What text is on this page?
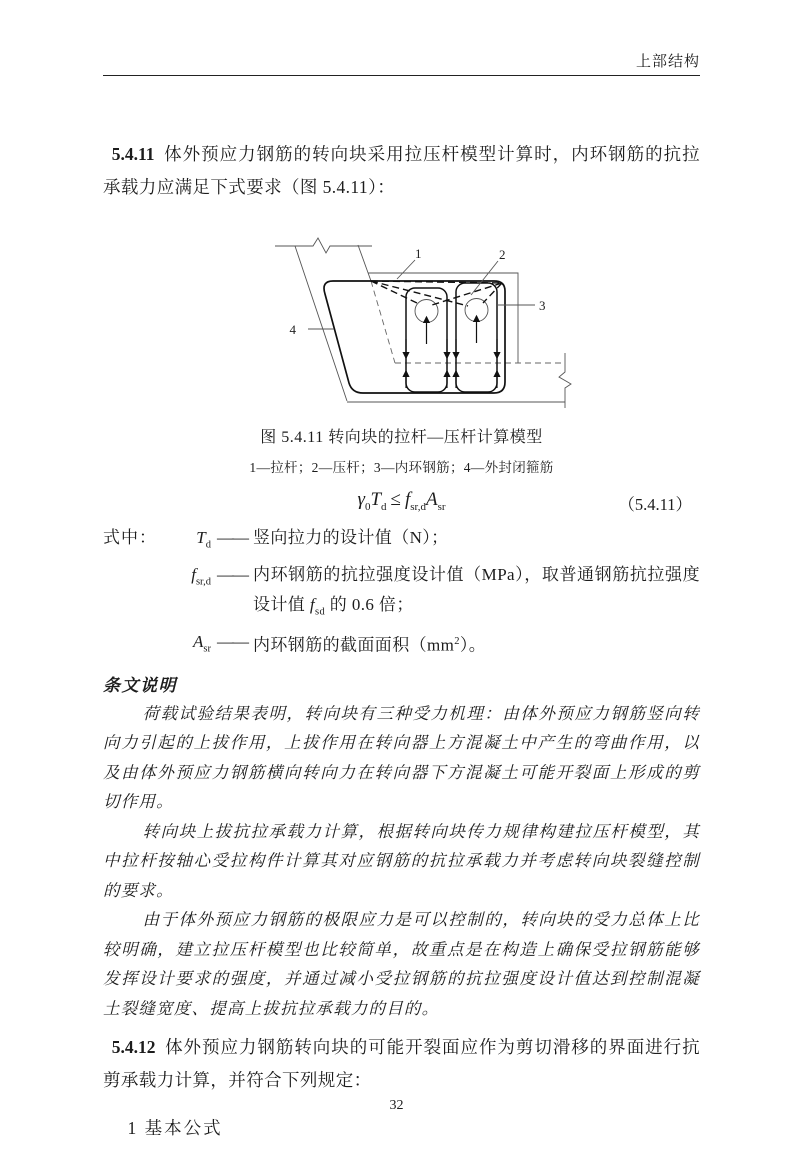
上部结构

5.4.11 体外预应力钢筋的转向块采用拉压杆模型计算时，内环钢筋的抗拉承载力应满足下式要求（图 5.4.11）：

1	2
3
4
图 5.4.11 转向块的拉杆—压杆计算模型
1—拉杆；2—压杆；3—内环钢筋；4—外封闭箍筋
$\gamma_0T_d \le f_{sr,d}A_{sr}$	（5.4.11）
式中：	$T_d$ —— 竖向拉力的设计值（N）；
$f_{sr,d}$ —— 内环钢筋的抗拉强度设计值（MPa），取普通钢筋抗拉强度设计值 $f_{sd}$ 的 0.6 倍；
$A_{sr}$ —— 内环钢筋的截面面积$(mm^2)$。
条文说明

荷载试验结果表明，转向块有三种受力机理：由体外预应力钢筋竖向转向力引起的上拔作用，上拔作用在转向器上方混凝土中产生的弯曲作用，以及由体外预应力钢筋横向转向力在转向器下方混凝土可能开裂面上形成的剪切作用。

转向块上拔抗拉承载力计算，根据转向块传力规律构建拉压杆模型，其中拉杆按轴心受拉构件计算其对应钢筋的抗拉承载力并考虑转向块裂缝控制的要求。

由于体外预应力钢筋的极限应力是可以控制的，转向块的受力总体上比较明确，建立拉压杆模型也比较简单，故重点是在构造上确保受拉钢筋能够发挥设计要求的强度，并通过减小受拉钢筋的抗拉强度设计值达到控制混凝土裂缝宽度、提高上拔抗拉承载力的目的。

5.4.12 体外预应力钢筋转向块的可能开裂面应作为剪切滑移的界面进行抗剪承载力计算，并符合下列规定：

1 基本公式
32
